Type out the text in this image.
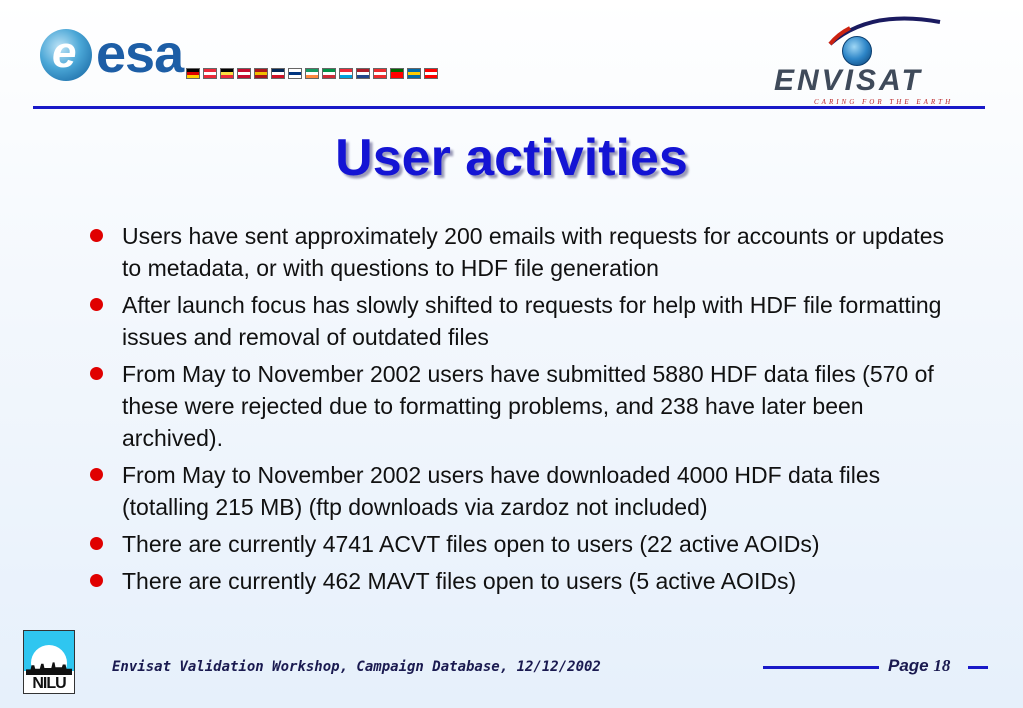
e esa	ENVISAT
CARING FOR THE EARTH
User activities
Users have sent approximately 200 emails with requests for accounts or updates to metadata, or with questions to HDF file generation
After launch focus has slowly shifted to requests for help with HDF file formatting issues and removal of outdated files
From May to November 2002 users have submitted 5880 HDF data files (570 of these were rejected due to formatting problems, and 238 have later been archived).
From May to November 2002 users have downloaded 4000 HDF data files (totalling 215 MB) (ftp downloads via zardoz not included)
There are currently 4741 ACVT files open to users (22 active AOIDs)
There are currently 462 MAVT files open to users (5 active AOIDs)
NILU
Envisat Validation Workshop, Campaign Database, 12/12/2002	Page 18
